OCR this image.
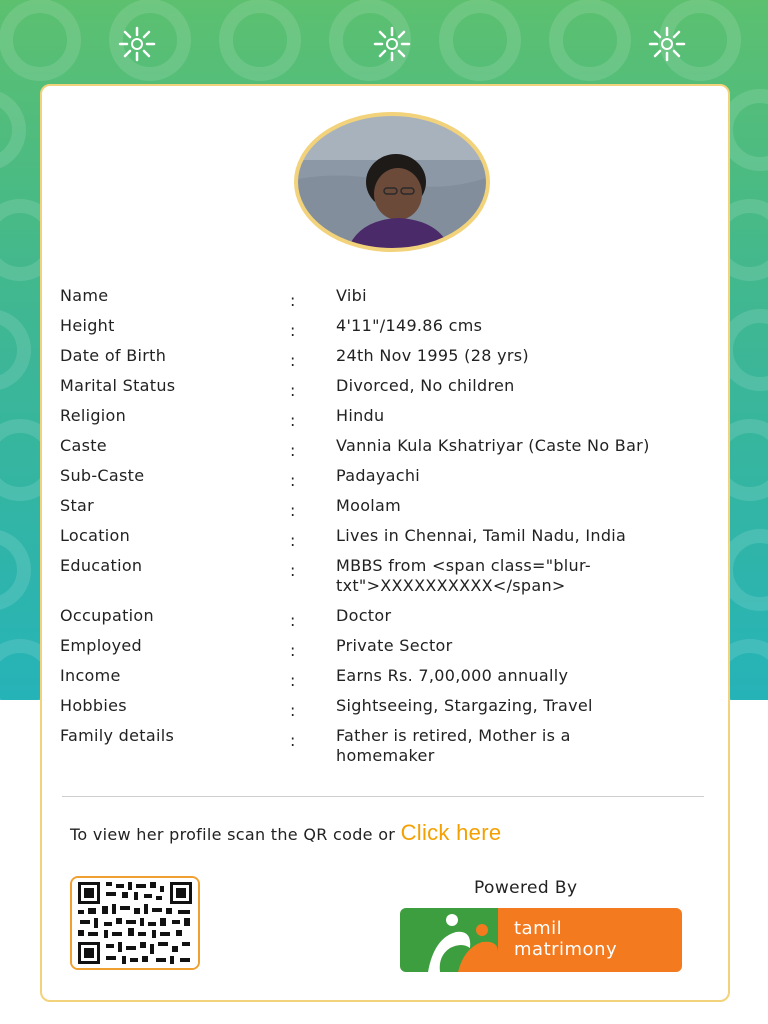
Name	:	Vibi
Height	:	4'11"/149.86 cms
Date of Birth	:	24th Nov 1995 (28 yrs)
Marital Status	:	Divorced, No children
Religion	:	Hindu
Caste	:	Vannia Kula Kshatriyar (Caste No Bar)
Sub-Caste	:	Padayachi
Star	:	Moolam
Location	:	Lives in Chennai, Tamil Nadu, India
Education	:	MBBS from <span class="blur-txt">XXXXXXXXXX</span>
Occupation	:	Doctor
Employed	:	Private Sector
Income	:	Earns Rs. 7,00,000 annually
Hobbies	:	Sightseeing, Stargazing, Travel
Family details	:	Father is retired, Mother is a homemaker
To view her profile scan the QR code or Click here
Powered By
tamil
matrimony
